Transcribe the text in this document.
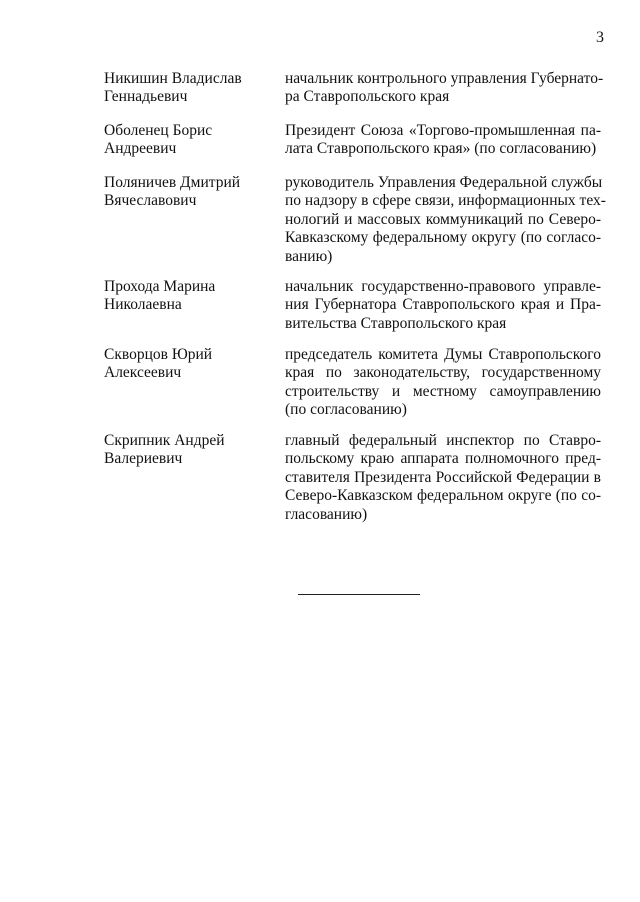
3
Никишин Владислав
Геннадьевич
начальник контрольного управления Губернато-
ра Ставропольского края
Оболенец Борис
Андреевич
Президент Союза «Торгово-промышленная па-
лата Ставропольского края» (по согласованию)
Поляничев Дмитрий
Вячеславович
руководитель Управления Федеральной службы
по надзору в сфере связи, информационных тех-
нологий и массовых коммуникаций по Северо-
Кавказскому федеральному округу (по согласо-
ванию)
Прохода Марина
Николаевна
начальник государственно-правового управле-
ния Губернатора Ставропольского края и Пра-
вительства Ставропольского края
Скворцов Юрий
Алексеевич
председатель комитета Думы Ставропольского
края по законодательству, государственному
строительству и местному самоуправлению
(по согласованию)
Скрипник Андрей
Валериевич
главный федеральный инспектор по Ставро-
польскому краю аппарата полномочного пред-
ставителя Президента Российской Федерации в
Северо-Кавказском федеральном округе (по со-
гласованию)
